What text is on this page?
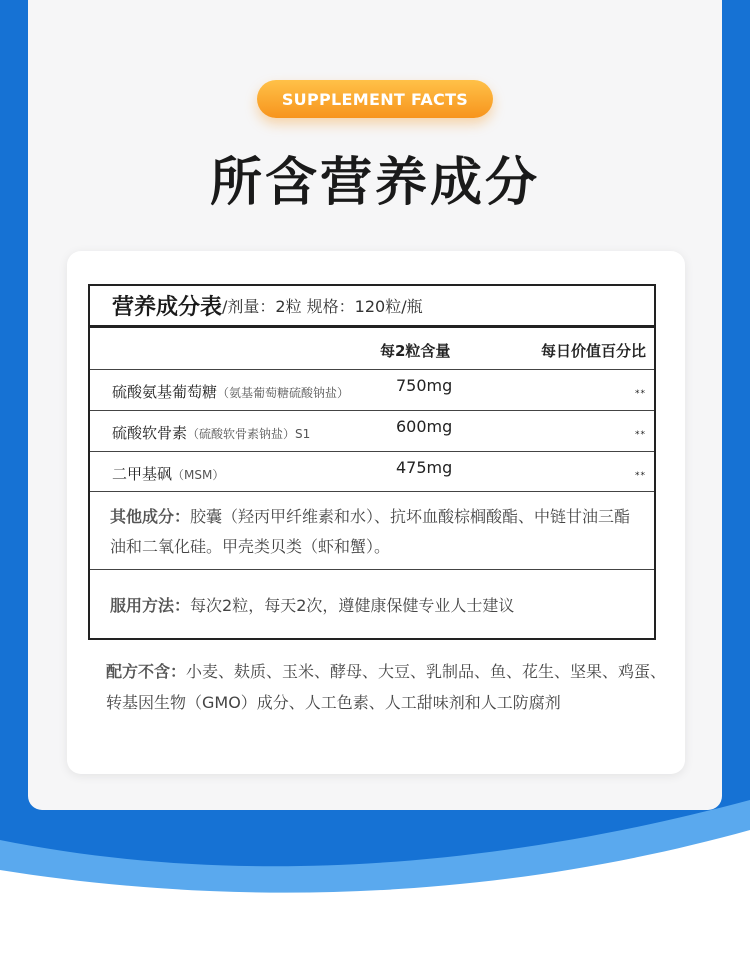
SUPPLEMENT FACTS
所含营养成分
营养成分表 /剂量：2粒 规格：120粒/瓶
每2粒含量	每日价值百分比
硫酸氨基葡萄糖（氨基葡萄糖硫酸钠盐）	750mg	**
硫酸软骨素（硫酸软骨素钠盐）S1	600mg	**
二甲基砜（MSM）	475mg	**
其他成分：胶囊（羟丙甲纤维素和水）、抗坏血酸棕榈酸酯、中链甘油三酯油和二氧化硅。甲壳类贝类（虾和蟹）。
服用方法：每次2粒，每天2次，遵健康保健专业人士建议
配方不含：小麦、麸质、玉米、酵母、大豆、乳制品、鱼、花生、坚果、鸡蛋、转基因生物（GMO）成分、人工色素、人工甜味剂和人工防腐剂
